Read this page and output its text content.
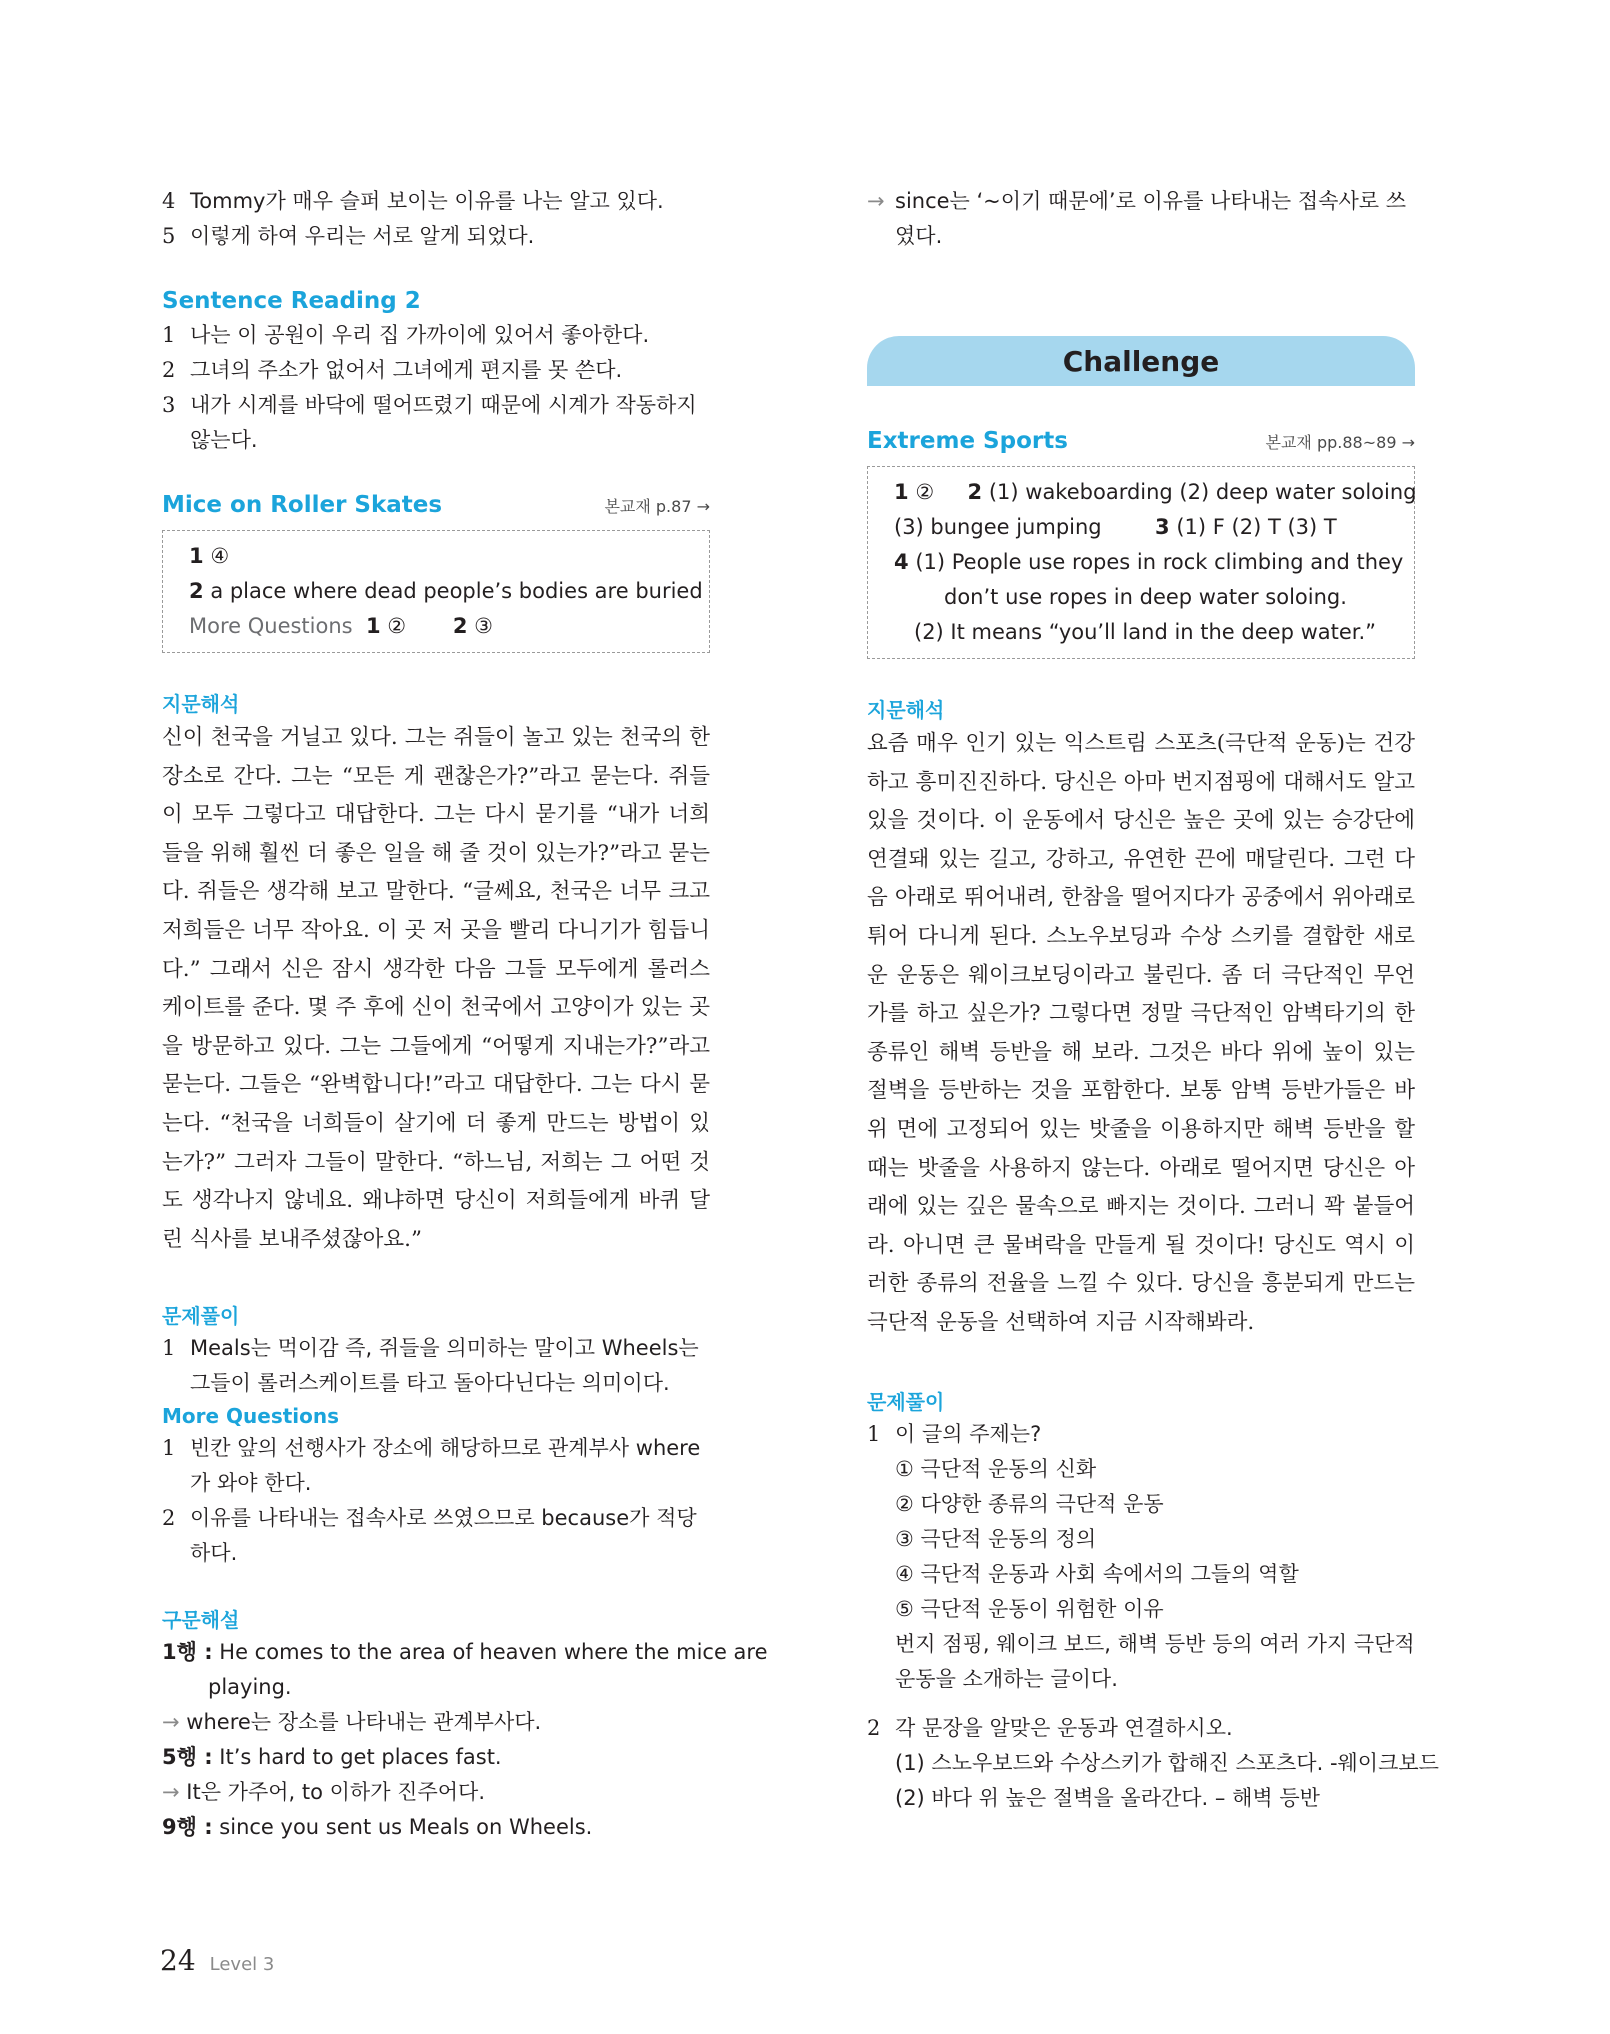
4 Tommy가 매우 슬퍼 보이는 이유를 나는 알고 있다.
5 이렇게 하여 우리는 서로 알게 되었다.
Sentence Reading 2
1 나는 이 공원이 우리 집 가까이에 있어서 좋아한다.
2 그녀의 주소가 없어서 그녀에게 편지를 못 쓴다.
3 내가 시계를 바닥에 떨어뜨렸기 때문에 시계가 작동하지 않는다.
Mice on Roller Skates	본교재 p.87 →
1 ④
2 a place where dead people’s bodies are buried
More Questions 1 ② 2 ③
지문해석
신이 천국을 거닐고 있다. 그는 쥐들이 놀고 있는 천국의 한 장소로 간다. 그는 “모든 게 괜찮은가?”라고 묻는다. 쥐들이 모두 그렇다고 대답한다. 그는 다시 묻기를 “내가 너희들을 위해 훨씬 더 좋은 일을 해 줄 것이 있는가?”라고 묻는다. 쥐들은 생각해 보고 말한다. “글쎄요, 천국은 너무 크고 저희들은 너무 작아요. 이 곳 저 곳을 빨리 다니기가 힘듭니다.” 그래서 신은 잠시 생각한 다음 그들 모두에게 롤러스케이트를 준다. 몇 주 후에 신이 천국에서 고양이가 있는 곳을 방문하고 있다. 그는 그들에게 “어떻게 지내는가?”라고 묻는다. 그들은 “완벽합니다!”라고 대답한다. 그는 다시 묻는다. “천국을 너희들이 살기에 더 좋게 만드는 방법이 있는가?” 그러자 그들이 말한다. “하느님, 저희는 그 어떤 것도 생각나지 않네요. 왜냐하면 당신이 저희들에게 바퀴 달린 식사를 보내주셨잖아요.”
문제풀이
1 Meals는 먹이감 즉, 쥐들을 의미하는 말이고 Wheels는 그들이 롤러스케이트를 타고 돌아다닌다는 의미이다.
More Questions
1 빈칸 앞의 선행사가 장소에 해당하므로 관계부사 where가 와야 한다.
2 이유를 나타내는 접속사로 쓰였으므로 because가 적당하다.
구문해설
1행 : He comes to the area of heaven where the mice are
playing.
→ where는 장소를 나타내는 관계부사다.
5행 : It’s hard to get places fast.
→ It은 가주어, to 이하가 진주어다.
9행 : since you sent us Meals on Wheels.
→ since는 ‘~이기 때문에’로 이유를 나타내는 접속사로 쓰였다.
Challenge
Extreme Sports	본교재 pp.88~89 →
1 ② 2 (1) wakeboarding (2) deep water soloing
(3) bungee jumping	3 (1) F (2) T (3) T
4 (1) People use ropes in rock climbing and they
don’t use ropes in deep water soloing.
(2) It means “you’ll land in the deep water.”
지문해석
요즘 매우 인기 있는 익스트림 스포츠(극단적 운동)는 건강하고 흥미진진하다. 당신은 아마 번지점핑에 대해서도 알고 있을 것이다. 이 운동에서 당신은 높은 곳에 있는 승강단에 연결돼 있는 길고, 강하고, 유연한 끈에 매달린다. 그런 다음 아래로 뛰어내려, 한참을 떨어지다가 공중에서 위아래로 튀어 다니게 된다. 스노우보딩과 수상 스키를 결합한 새로운 운동은 웨이크보딩이라고 불린다. 좀 더 극단적인 무언가를 하고 싶은가? 그렇다면 정말 극단적인 암벽타기의 한 종류인 해벽 등반을 해 보라. 그것은 바다 위에 높이 있는 절벽을 등반하는 것을 포함한다. 보통 암벽 등반가들은 바위 면에 고정되어 있는 밧줄을 이용하지만 해벽 등반을 할 때는 밧줄을 사용하지 않는다. 아래로 떨어지면 당신은 아래에 있는 깊은 물속으로 빠지는 것이다. 그러니 꽉 붙들어라. 아니면 큰 물벼락을 만들게 될 것이다! 당신도 역시 이러한 종류의 전율을 느낄 수 있다. 당신을 흥분되게 만드는 극단적 운동을 선택하여 지금 시작해봐라.
문제풀이
1 이 글의 주제는?
① 극단적 운동의 신화
② 다양한 종류의 극단적 운동
③ 극단적 운동의 정의
④ 극단적 운동과 사회 속에서의 그들의 역할
⑤ 극단적 운동이 위험한 이유
번지 점핑, 웨이크 보드, 해벽 등반 등의 여러 가지 극단적 운동을 소개하는 글이다.
2 각 문장을 알맞은 운동과 연결하시오.
(1) 스노우보드와 수상스키가 합해진 스포츠다. -웨이크보드
(2) 바다 위 높은 절벽을 올라간다. – 해벽 등반
24 Level 3
